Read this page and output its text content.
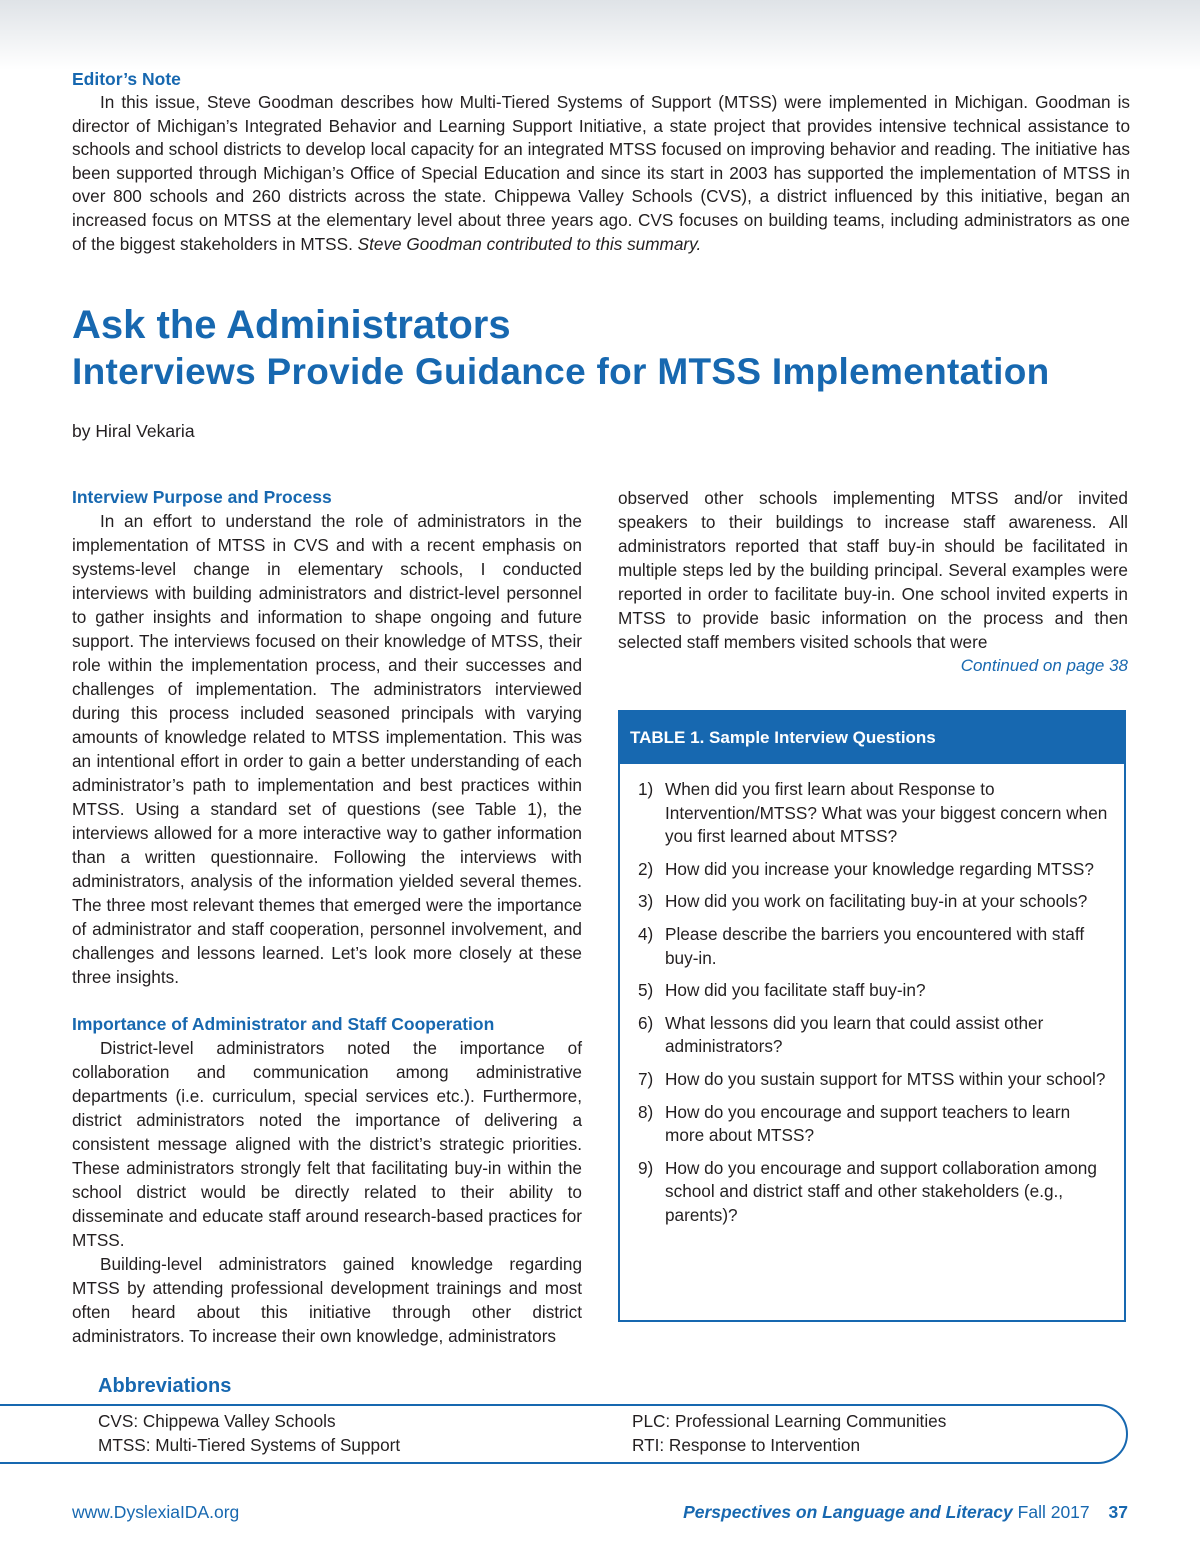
Editor’s Note

In this issue, Steve Goodman describes how Multi-Tiered Systems of Support (MTSS) were implemented in Michigan. Goodman is director of Michigan’s Integrated Behavior and Learning Support Initiative, a state project that provides intensive technical assistance to schools and school districts to develop local capacity for an integrated MTSS focused on improving behavior and reading. The initiative has been supported through Michigan’s Office of Special Education and since its start in 2003 has supported the implementation of MTSS in over 800 schools and 260 districts across the state. Chippewa Valley Schools (CVS), a district influenced by this initiative, began an increased focus on MTSS at the elementary level about three years ago. CVS focuses on building teams, including administrators as one of the biggest stakeholders in MTSS. Steve Goodman contributed to this summary.

Ask the Administrators
Interviews Provide Guidance for MTSS Implementation

by Hiral Vekaria

Interview Purpose and Process

In an effort to understand the role of administrators in the implementation of MTSS in CVS and with a recent emphasis on systems-level change in elementary schools, I conducted interviews with building administrators and district-level personnel to gather insights and information to shape ongoing and future support. The interviews focused on their knowledge of MTSS, their role within the implementation process, and their successes and challenges of implementation. The administrators interviewed during this process included seasoned principals with varying amounts of knowledge related to MTSS implementation. This was an intentional effort in order to gain a better understanding of each administrator’s path to implementation and best practices within MTSS. Using a standard set of questions (see Table 1), the interviews allowed for a more interactive way to gather information than a written questionnaire. Following the interviews with administrators, analysis of the information yielded several themes. The three most relevant themes that emerged were the importance of administrator and staff cooperation, personnel involvement, and challenges and lessons learned. Let’s look more closely at these three insights.

Importance of Administrator and Staff Cooperation

District-level administrators noted the importance of collaboration and communication among administrative departments (i.e. curriculum, special services etc.). Furthermore, district administrators noted the importance of delivering a consistent message aligned with the district’s strategic priorities. These administrators strongly felt that facilitating buy-in within the school district would be directly related to their ability to disseminate and educate staff around research-based practices for MTSS.

Building-level administrators gained knowledge regarding MTSS by attending professional development trainings and most often heard about this initiative through other district administrators. To increase their own knowledge, administrators

observed other schools implementing MTSS and/or invited speakers to their buildings to increase staff awareness. All administrators reported that staff buy-in should be facilitated in multiple steps led by the building principal. Several examples were reported in order to facilitate buy-in. One school invited experts in MTSS to provide basic information on the process and then selected staff members visited schools that were

Continued on page 38

TABLE 1. Sample Interview Questions
1) When did you first learn about Response to Intervention/MTSS? What was your biggest concern when you first learned about MTSS?
2) How did you increase your knowledge regarding MTSS?
3) How did you work on facilitating buy-in at your schools?
4) Please describe the barriers you encountered with staff buy-in.
5) How did you facilitate staff buy-in?
6) What lessons did you learn that could assist other administrators?
7) How do you sustain support for MTSS within your school?
8) How do you encourage and support teachers to learn more about MTSS?
9) How do you encourage and support collaboration among school and district staff and other stakeholders (e.g., parents)?
Abbreviations
CVS: Chippewa Valley Schools
MTSS: Multi-Tiered Systems of Support
PLC: Professional Learning Communities
RTI: Response to Intervention
www.DyslexiaIDA.org	Perspectives on Language and Literacy Fall 2017 37
